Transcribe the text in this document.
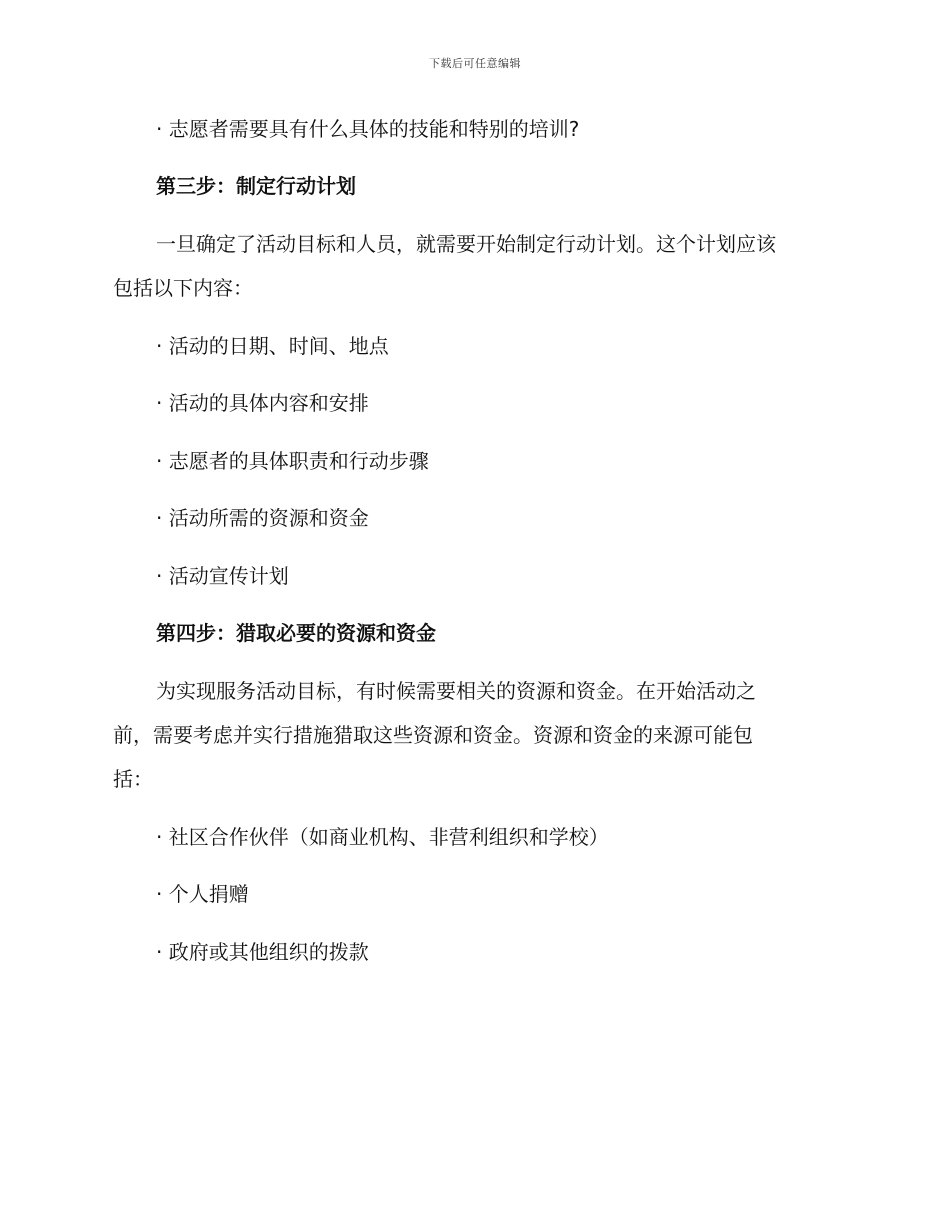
下载后可任意编辑
· 志愿者需要具有什么具体的技能和特别的培训?
第三步：制定行动计划
一旦确定了活动目标和人员，就需要开始制定行动计划。这个计划应该
包括以下内容：
· 活动的日期、时间、地点
· 活动的具体内容和安排
· 志愿者的具体职责和行动步骤
· 活动所需的资源和资金
· 活动宣传计划
第四步：猎取必要的资源和资金
为实现服务活动目标，有时候需要相关的资源和资金。在开始活动之
前，需要考虑并实行措施猎取这些资源和资金。资源和资金的来源可能包
括：
· 社区合作伙伴（如商业机构、非营利组织和学校）
· 个人捐赠
· 政府或其他组织的拨款
